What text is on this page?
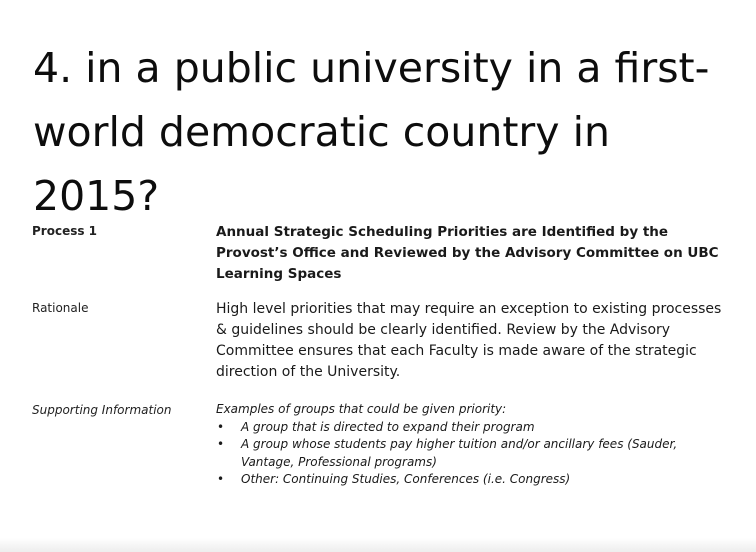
4. in a public university in a first-world democratic country in 2015?
Process 1	Annual Strategic Scheduling Priorities are Identified by the Provost’s Office and Reviewed by the Advisory Committee on UBC Learning Spaces
Rationale	High level priorities that may require an exception to existing processes & guidelines should be clearly identified. Review by the Advisory Committee ensures that each Faculty is made aware of the strategic direction of the University.
Supporting Information	Examples of groups that could be given priority:
• A group that is directed to expand their program
• A group whose students pay higher tuition and/or ancillary fees (Sauder, Vantage, Professional programs)
• Other: Continuing Studies, Conferences (i.e. Congress)
